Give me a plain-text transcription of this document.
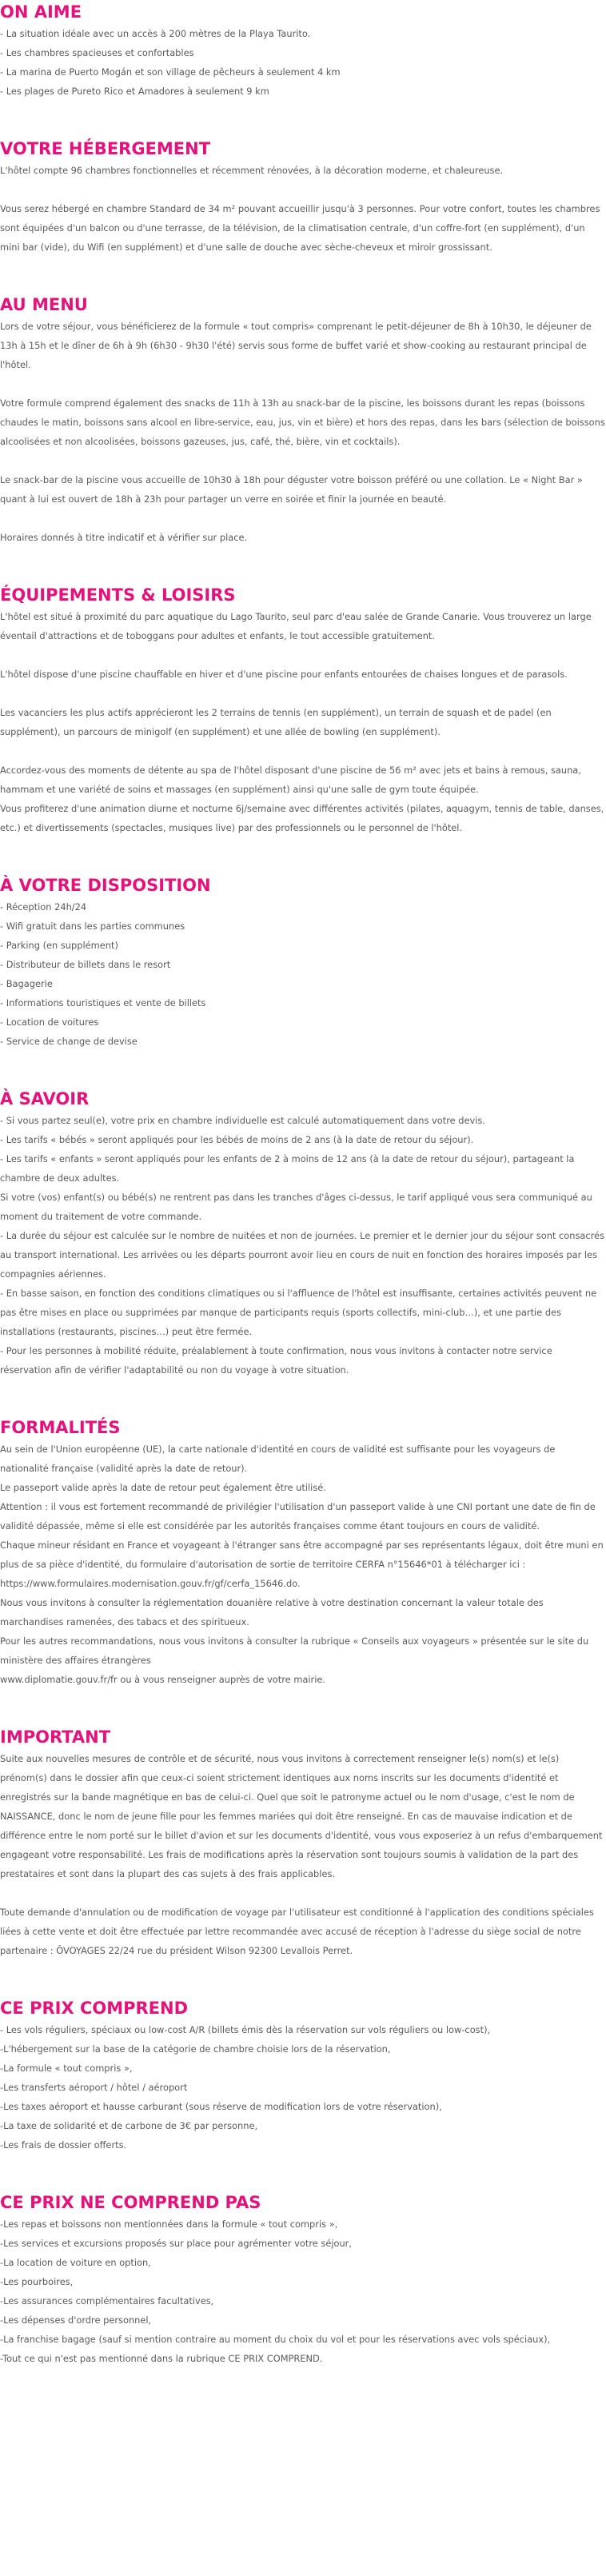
ON AIME
- La situation idéale avec un accès à 200 mètres de la Playa Taurito.
- Les chambres spacieuses et confortables
- La marina de Puerto Mogán et son village de pêcheurs à seulement 4 km
- Les plages de Pureto Rico et Amadores à seulement 9 km
VOTRE HÉBERGEMENT
L'hôtel compte 96 chambres fonctionnelles et récemment rénovées, à la décoration moderne, et chaleureuse.
Vous serez hébergé en chambre Standard de 34 m² pouvant accueillir jusqu'à 3 personnes. Pour votre confort, toutes les chambres sont équipées d'un balcon ou d'une terrasse, de la télévision, de la climatisation centrale, d'un coffre-fort (en supplément), d'un mini bar (vide), du Wifi (en supplément) et d'une salle de douche avec sèche-cheveux et miroir grossissant.
AU MENU
Lors de votre séjour, vous bénéficierez de la formule « tout compris» comprenant le petit-déjeuner de 8h à 10h30, le déjeuner de 13h à 15h et le dîner de 6h à 9h (6h30 - 9h30 l'été) servis sous forme de buffet varié et show-cooking au restaurant principal de l'hôtel.
Votre formule comprend également des snacks de 11h à 13h au snack-bar de la piscine, les boissons durant les repas (boissons chaudes le matin, boissons sans alcool en libre-service, eau, jus, vin et bière) et hors des repas, dans les bars (sélection de boissons alcoolisées et non alcoolisées, boissons gazeuses, jus, café, thé, bière, vin et cocktails).
Le snack-bar de la piscine vous accueille de 10h30 à 18h pour déguster votre boisson préféré ou une collation. Le « Night Bar » quant à lui est ouvert de 18h à 23h pour partager un verre en soirée et finir la journée en beauté.
Horaires donnés à titre indicatif et à vérifier sur place.
ÉQUIPEMENTS & LOISIRS
L'hôtel est situé à proximité du parc aquatique du Lago Taurito, seul parc d'eau salée de Grande Canarie. Vous trouverez un large éventail d'attractions et de toboggans pour adultes et enfants, le tout accessible gratuitement.
L'hôtel dispose d'une piscine chauffable en hiver et d'une piscine pour enfants entourées de chaises longues et de parasols.
Les vacanciers les plus actifs apprécieront les 2 terrains de tennis (en supplément), un terrain de squash et de padel (en supplément), un parcours de minigolf (en supplément) et une allée de bowling (en supplément).
Accordez-vous des moments de détente au spa de l'hôtel disposant d'une piscine de 56 m² avec jets et bains à remous, sauna, hammam et une variété de soins et massages (en supplément) ainsi qu'une salle de gym toute équipée.
Vous profiterez d'une animation diurne et nocturne 6j/semaine avec différentes activités (pilates, aquagym, tennis de table, danses, etc.) et divertissements (spectacles, musiques live) par des professionnels ou le personnel de l'hôtel.
À VOTRE DISPOSITION
- Réception 24h/24
- Wifi gratuit dans les parties communes
- Parking (en supplément)
- Distributeur de billets dans le resort
- Bagagerie
- Informations touristiques et vente de billets
- Location de voitures
- Service de change de devise
À SAVOIR
- Si vous partez seul(e), votre prix en chambre individuelle est calculé automatiquement dans votre devis.
- Les tarifs « bébés » seront appliqués pour les bébés de moins de 2 ans (à la date de retour du séjour).
- Les tarifs « enfants » seront appliqués pour les enfants de 2 à moins de 12 ans (à la date de retour du séjour), partageant la chambre de deux adultes.
Si votre (vos) enfant(s) ou bébé(s) ne rentrent pas dans les tranches d'âges ci-dessus, le tarif appliqué vous sera communiqué au moment du traitement de votre commande.
- La durée du séjour est calculée sur le nombre de nuitées et non de journées. Le premier et le dernier jour du séjour sont consacrés au transport international. Les arrivées ou les départs pourront avoir lieu en cours de nuit en fonction des horaires imposés par les compagnies aériennes.
- En basse saison, en fonction des conditions climatiques ou si l'affluence de l'hôtel est insuffisante, certaines activités peuvent ne pas être mises en place ou supprimées par manque de participants requis (sports collectifs, mini-club…), et une partie des installations (restaurants, piscines…) peut être fermée.
- Pour les personnes à mobilité réduite, préalablement à toute confirmation, nous vous invitons à contacter notre service réservation afin de vérifier l'adaptabilité ou non du voyage à votre situation.
FORMALITÉS
Au sein de l'Union européenne (UE), la carte nationale d'identité en cours de validité est suffisante pour les voyageurs de nationalité française (validité après la date de retour).
Le passeport valide après la date de retour peut également être utilisé.
Attention : il vous est fortement recommandé de privilégier l'utilisation d'un passeport valide à une CNI portant une date de fin de validité dépassée, même si elle est considérée par les autorités françaises comme étant toujours en cours de validité.
Chaque mineur résidant en France et voyageant à l'étranger sans être accompagné par ses représentants légaux, doit être muni en plus de sa pièce d'identité, du formulaire d'autorisation de sortie de territoire CERFA n°15646*01 à télécharger ici : https://www.formulaires.modernisation.gouv.fr/gf/cerfa_15646.do.
Nous vous invitons à consulter la réglementation douanière relative à votre destination concernant la valeur totale des marchandises ramenées, des tabacs et des spiritueux.
Pour les autres recommandations, nous vous invitons à consulter la rubrique « Conseils aux voyageurs » présentée sur le site du ministère des affaires étrangères
www.diplomatie.gouv.fr/fr ou à vous renseigner auprès de votre mairie.
IMPORTANT
Suite aux nouvelles mesures de contrôle et de sécurité, nous vous invitons à correctement renseigner le(s) nom(s) et le(s) prénom(s) dans le dossier afin que ceux-ci soient strictement identiques aux noms inscrits sur les documents d'identité et enregistrés sur la bande magnétique en bas de celui-ci. Quel que soit le patronyme actuel ou le nom d'usage, c'est le nom de NAISSANCE, donc le nom de jeune fille pour les femmes mariées qui doit être renseigné. En cas de mauvaise indication et de différence entre le nom porté sur le billet d'avion et sur les documents d'identité, vous vous exposeriez à un refus d'embarquement engageant votre responsabilité. Les frais de modifications après la réservation sont toujours soumis à validation de la part des prestataires et sont dans la plupart des cas sujets à des frais applicables.
Toute demande d'annulation ou de modification de voyage par l'utilisateur est conditionné à l'application des conditions spéciales liées à cette vente et doit être effectuée par lettre recommandée avec accusé de réception à l'adresse du siège social de notre partenaire : ÔVOYAGES 22/24 rue du président Wilson 92300 Levallois Perret.
CE PRIX COMPREND
- Les vols réguliers, spéciaux ou low-cost A/R (billets émis dès la réservation sur vols réguliers ou low-cost),
-L'hébergement sur la base de la catégorie de chambre choisie lors de la réservation,
-La formule « tout compris »,
-Les transferts aéroport / hôtel / aéroport
-Les taxes aéroport et hausse carburant (sous réserve de modification lors de votre réservation),
-La taxe de solidarité et de carbone de 3€ par personne,
-Les frais de dossier offerts.
CE PRIX NE COMPREND PAS
-Les repas et boissons non mentionnées dans la formule « tout compris »,
-Les services et excursions proposés sur place pour agrémenter votre séjour,
-La location de voiture en option,
-Les pourboires,
-Les assurances complémentaires facultatives,
-Les dépenses d'ordre personnel,
-La franchise bagage (sauf si mention contraire au moment du choix du vol et pour les réservations avec vols spéciaux),
-Tout ce qui n'est pas mentionné dans la rubrique CE PRIX COMPREND.
